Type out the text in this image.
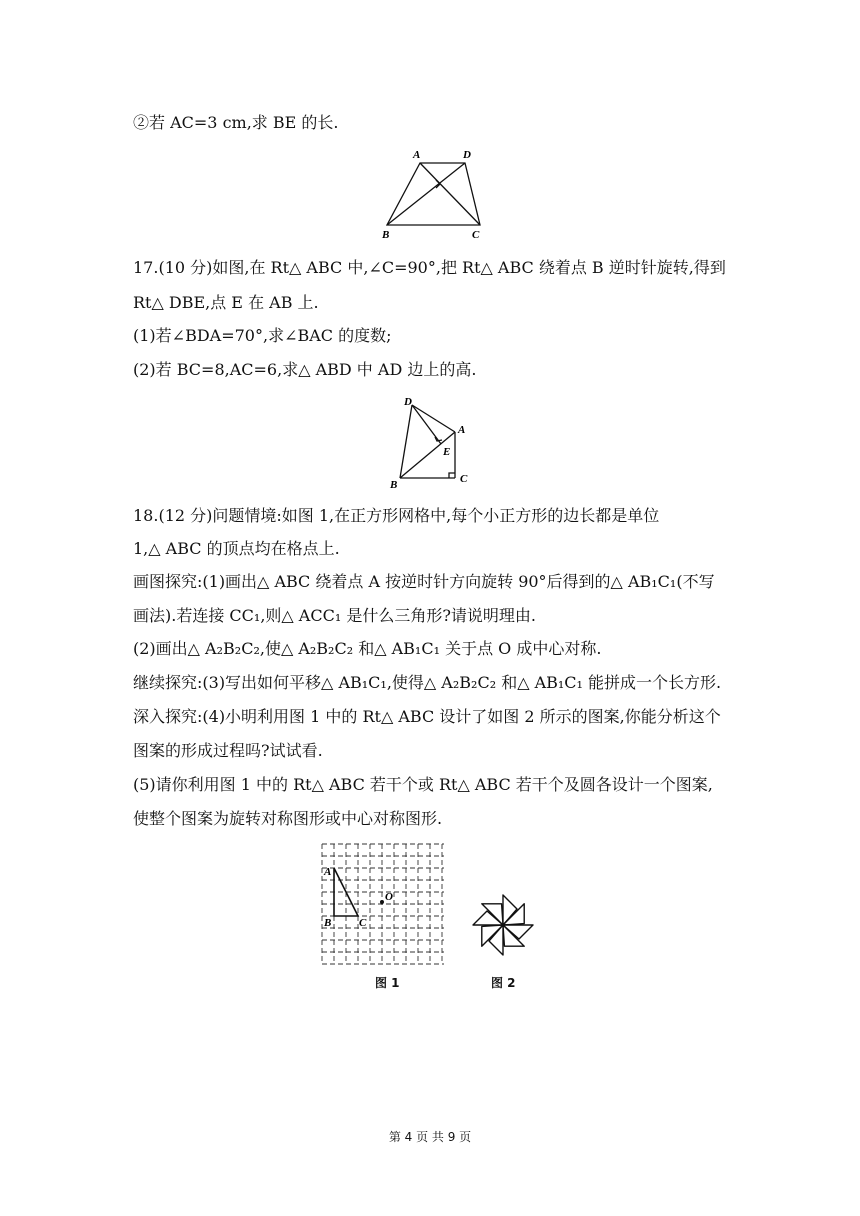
②若 AC=3 cm,求 BE 的长.
A	D
B	C
17.(10 分)如图,在 Rt△ ABC 中,∠C=90°,把 Rt△ ABC 绕着点 B 逆时针旋转,得到
Rt△ DBE,点 E 在 AB 上.
(1)若∠BDA=70°,求∠BAC 的度数;
(2)若 BC=8,AC=6,求△ ABD 中 AD 边上的高.
D
A
E
B	C
18.(12 分)问题情境:如图 1,在正方形网格中,每个小正方形的边长都是单位
1,△ ABC 的顶点均在格点上.
画图探究:(1)画出△ ABC 绕着点 A 按逆时针方向旋转 90°后得到的△ AB₁C₁(不写
画法).若连接 CC₁,则△ ACC₁ 是什么三角形?请说明理由.
(2)画出△ A₂B₂C₂,使△ A₂B₂C₂ 和△ AB₁C₁ 关于点 O 成中心对称.
继续探究:(3)写出如何平移△ AB₁C₁,使得△ A₂B₂C₂ 和△ AB₁C₁ 能拼成一个长方形.
深入探究:(4)小明利用图 1 中的 Rt△ ABC 设计了如图 2 所示的图案,你能分析这个
图案的形成过程吗?试试看.
(5)请你利用图 1 中的 Rt△ ABC 若干个或 Rt△ ABC 若干个及圆各设计一个图案,
使整个图案为旋转对称图形或中心对称图形.
A
B	C
O
图 1	图 2
第 4 页 共 9 页
